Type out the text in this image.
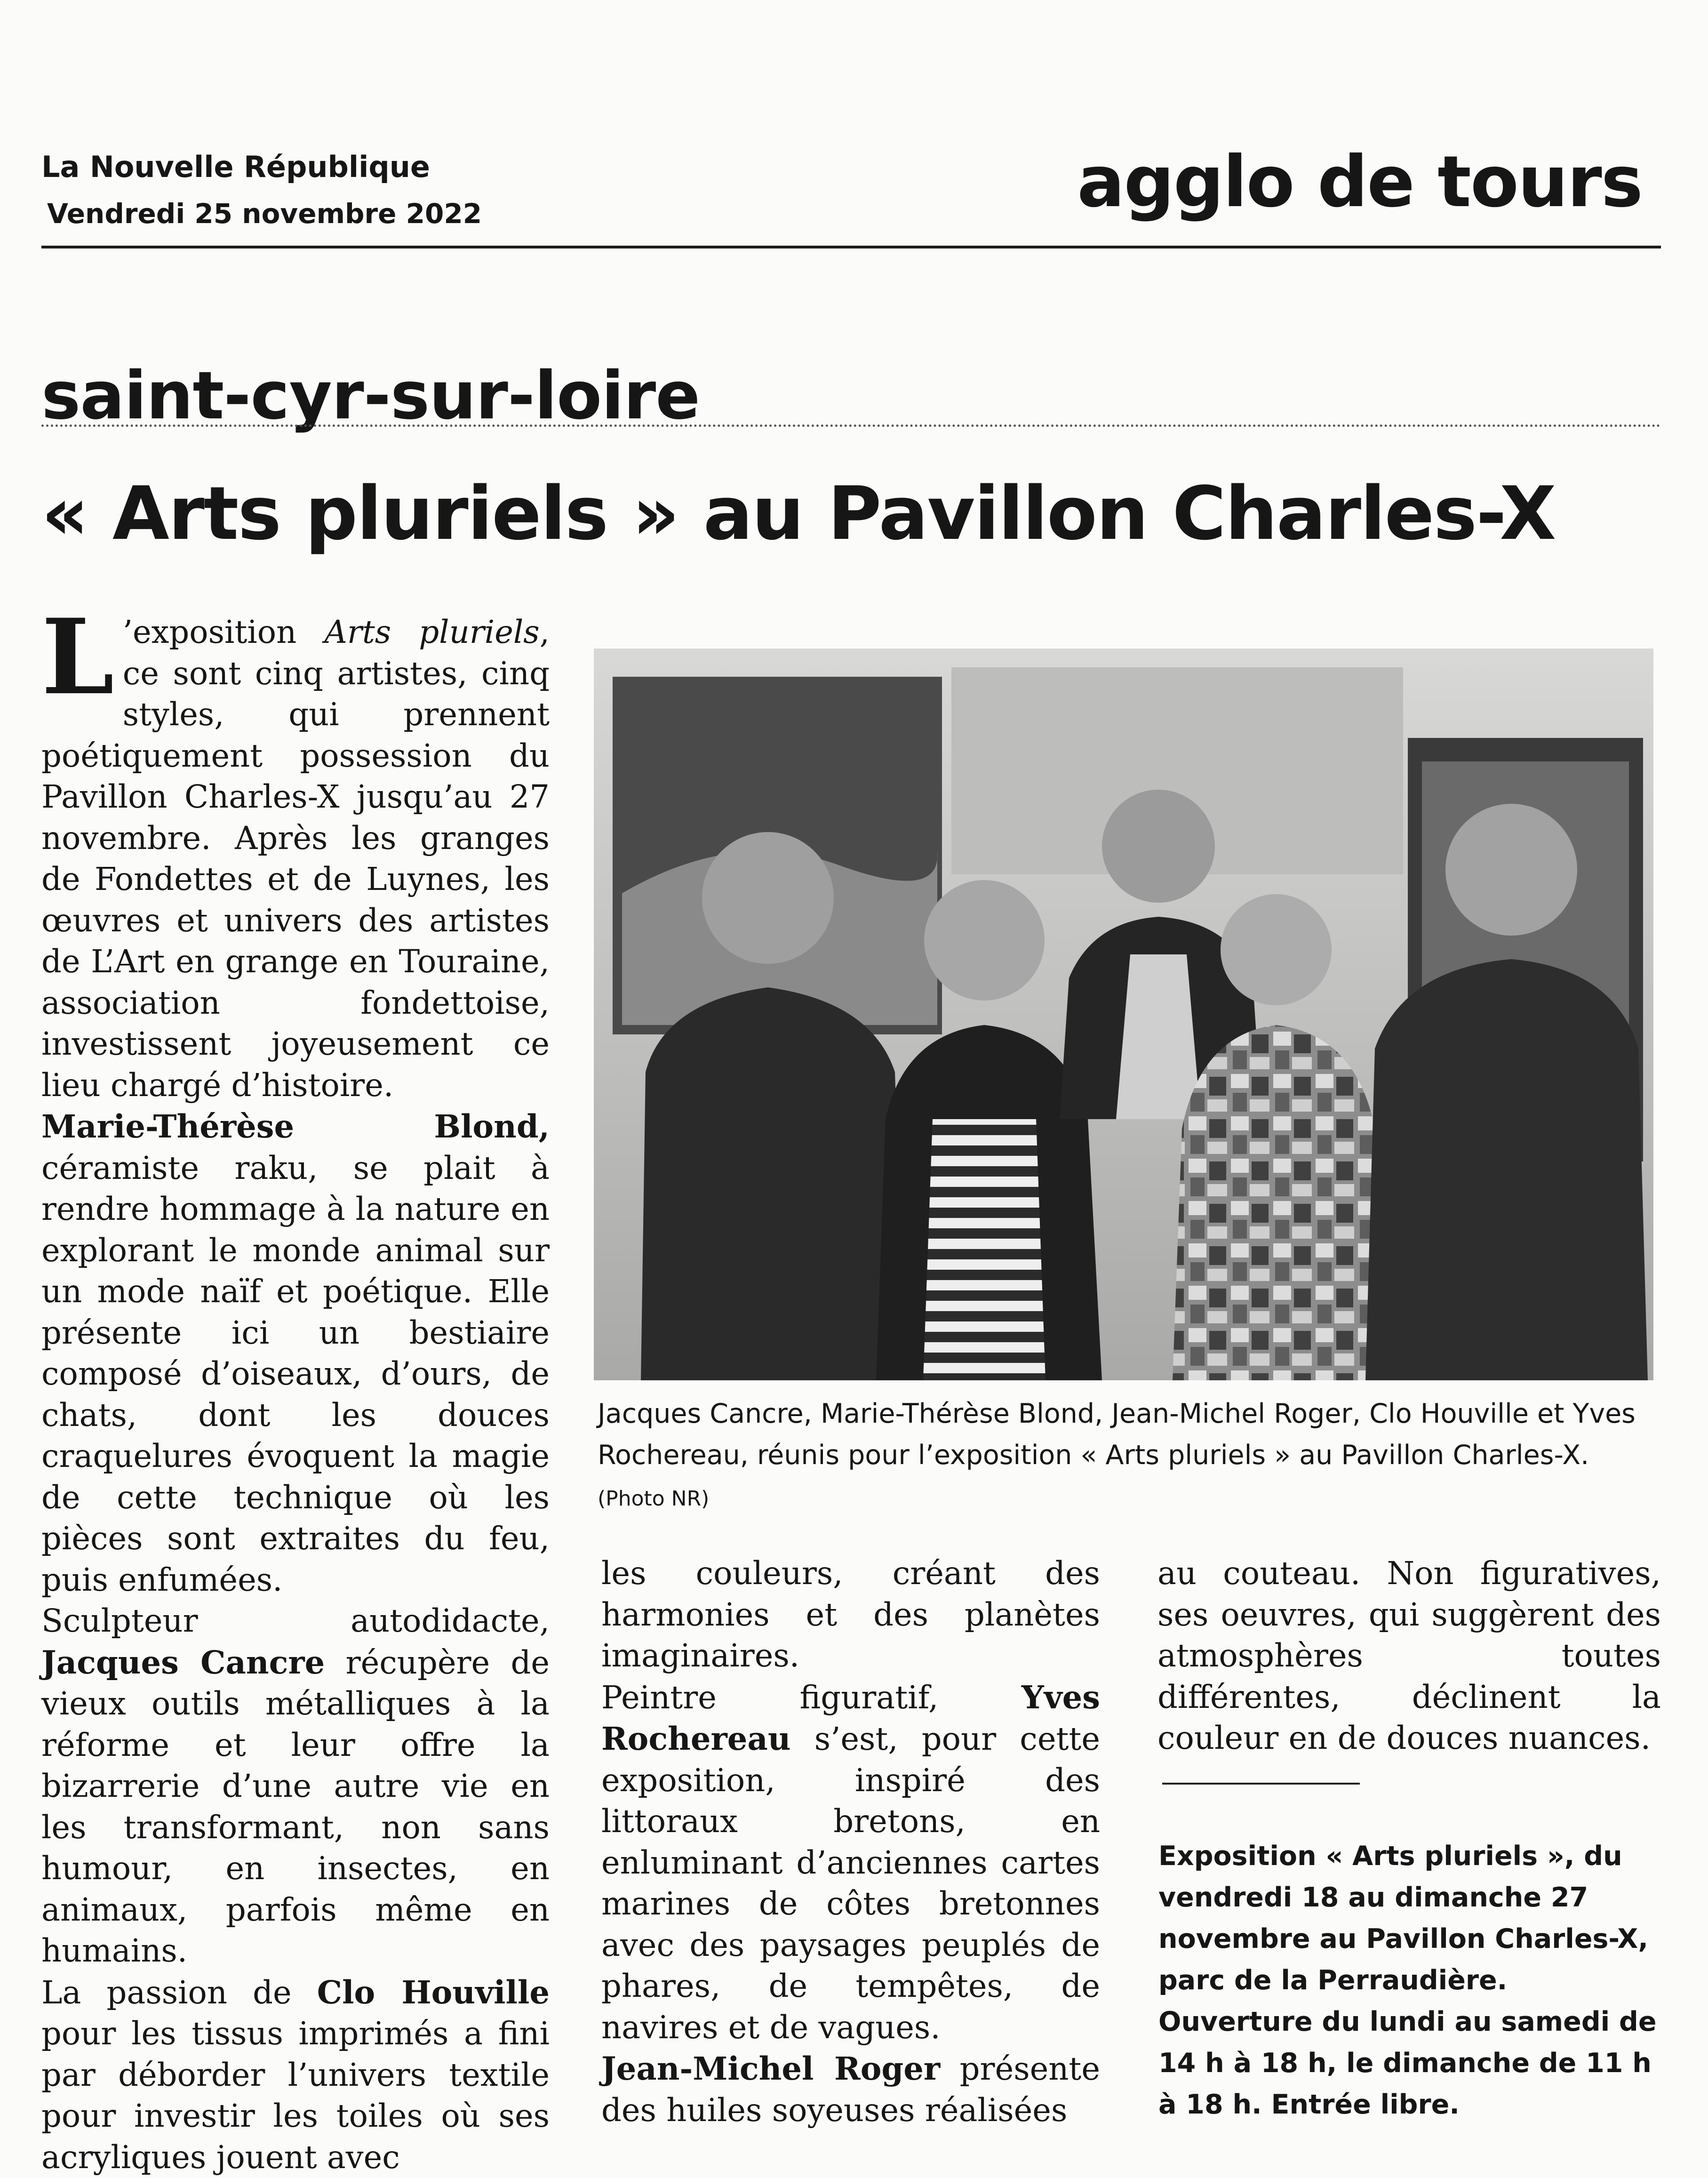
La Nouvelle République
Vendredi 25 novembre 2022	agglo de tours
saint-cyr-sur-loire
« Arts pluriels » au Pavillon Charles-X

L ’exposition Arts pluriels, ce sont cinq artistes, cinq styles, qui prennent poétiquement possession du Pavillon Charles-X jusqu’au 27 novembre. Après les granges de Fondettes et de Luynes, les œuvres et univers des artistes de L’Art en grange en Touraine, association fondettoise, investissent joyeusement ce lieu chargé d’histoire.

Marie-Thérèse Blond, céramiste raku, se plait à rendre hommage à la nature en explorant le monde animal sur un mode naïf et poétique. Elle présente ici un bestiaire composé d’oiseaux, d’ours, de chats, dont les douces craquelures évoquent la magie de cette technique où les pièces sont extraites du feu, puis enfumées.

Sculpteur autodidacte, Jacques Cancre récupère de vieux outils métalliques à la réforme et leur offre la bizarrerie d’une autre vie en les transformant, non sans humour, en insectes, en animaux, parfois même en humains.

La passion de Clo Houville pour les tissus imprimés a fini par déborder l’univers textile pour investir les toiles où ses acryliques jouent avec

Jacques Cancre, Marie-Thérèse Blond, Jean-Michel Roger, Clo Houville et Yves Rochereau, réunis pour l’exposition « Arts pluriels » au Pavillon Charles-X. (Photo NR)

les couleurs, créant des harmonies et des planètes imaginaires.

Peintre figuratif, Yves Rochereau s’est, pour cette exposition, inspiré des littoraux bretons, en enluminant d’anciennes cartes marines de côtes bretonnes avec des paysages peuplés de phares, de tempêtes, de navires et de vagues.

Jean-Michel Roger présente des huiles soyeuses réalisées

au couteau. Non figuratives, ses oeuvres, qui suggèrent des atmosphères toutes différentes, déclinent la couleur en de douces nuances.

Exposition « Arts pluriels », du vendredi 18 au dimanche 27 novembre au Pavillon Charles-X, parc de la Perraudière. Ouverture du lundi au samedi de 14 h à 18 h, le dimanche de 11 h à 18 h. Entrée libre.
